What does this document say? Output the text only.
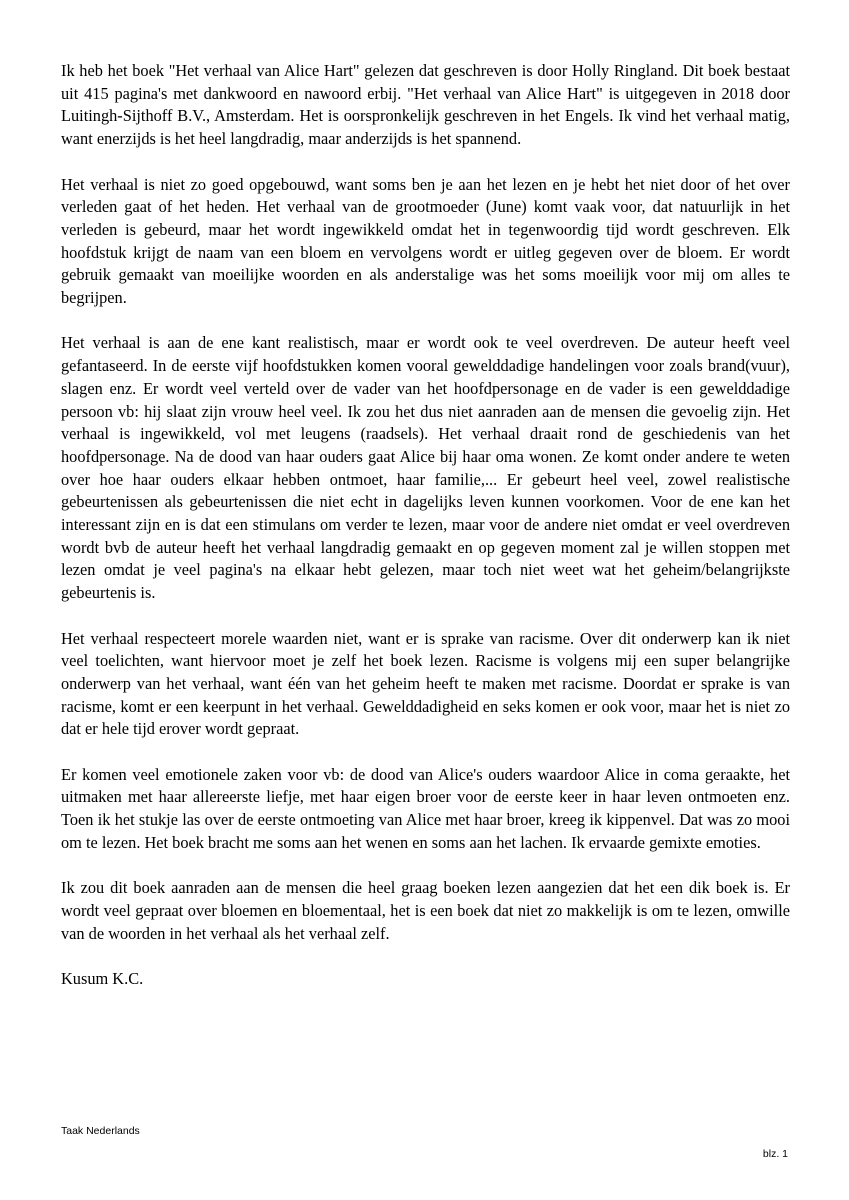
Ik heb het boek "Het verhaal van Alice Hart" gelezen dat geschreven is door Holly Ringland. Dit boek bestaat uit 415 pagina's met dankwoord en nawoord erbij. "Het verhaal van Alice Hart" is uitgegeven in 2018 door Luitingh-Sijthoff B.V., Amsterdam. Het is oorspronkelijk geschreven in het Engels. Ik vind het verhaal matig, want enerzijds is het heel langdradig, maar anderzijds is het spannend.

Het verhaal is niet zo goed opgebouwd, want soms ben je aan het lezen en je hebt het niet door of het over verleden gaat of het heden. Het verhaal van de grootmoeder (June) komt vaak voor, dat natuurlijk in het verleden is gebeurd, maar het wordt ingewikkeld omdat het in tegenwoordig tijd wordt geschreven. Elk hoofdstuk krijgt de naam van een bloem en vervolgens wordt er uitleg gegeven over de bloem. Er wordt gebruik gemaakt van moeilijke woorden en als anderstalige was het soms moeilijk voor mij om alles te begrijpen.

Het verhaal is aan de ene kant realistisch, maar er wordt ook te veel overdreven. De auteur heeft veel gefantaseerd. In de eerste vijf hoofdstukken komen vooral gewelddadige handelingen voor zoals brand(vuur), slagen enz. Er wordt veel verteld over de vader van het hoofdpersonage en de vader is een gewelddadige persoon vb: hij slaat zijn vrouw heel veel. Ik zou het dus niet aanraden aan de mensen die gevoelig zijn. Het verhaal is ingewikkeld, vol met leugens (raadsels). Het verhaal draait rond de geschiedenis van het hoofdpersonage. Na de dood van haar ouders gaat Alice bij haar oma wonen. Ze komt onder andere te weten over hoe haar ouders elkaar hebben ontmoet, haar familie,... Er gebeurt heel veel, zowel realistische gebeurtenissen als gebeurtenissen die niet echt in dagelijks leven kunnen voorkomen. Voor de ene kan het interessant zijn en is dat een stimulans om verder te lezen, maar voor de andere niet omdat er veel overdreven wordt bvb de auteur heeft het verhaal langdradig gemaakt en op gegeven moment zal je willen stoppen met lezen omdat je veel pagina's na elkaar hebt gelezen, maar toch niet weet wat het geheim/belangrijkste gebeurtenis is.

Het verhaal respecteert morele waarden niet, want er is sprake van racisme. Over dit onderwerp kan ik niet veel toelichten, want hiervoor moet je zelf het boek lezen. Racisme is volgens mij een super belangrijke onderwerp van het verhaal, want één van het geheim heeft te maken met racisme. Doordat er sprake is van racisme, komt er een keerpunt in het verhaal. Gewelddadigheid en seks komen er ook voor, maar het is niet zo dat er hele tijd erover wordt gepraat.

Er komen veel emotionele zaken voor vb: de dood van Alice's ouders waardoor Alice in coma geraakte, het uitmaken met haar allereerste liefje, met haar eigen broer voor de eerste keer in haar leven ontmoeten enz. Toen ik het stukje las over de eerste ontmoeting van Alice met haar broer, kreeg ik kippenvel. Dat was zo mooi om te lezen. Het boek bracht me soms aan het wenen en soms aan het lachen. Ik ervaarde gemixte emoties.

Ik zou dit boek aanraden aan de mensen die heel graag boeken lezen aangezien dat het een dik boek is. Er wordt veel gepraat over bloemen en bloementaal, het is een boek dat niet zo makkelijk is om te lezen, omwille van de woorden in het verhaal als het verhaal zelf.

Kusum K.C.

Taak Nederlands
blz. 1
